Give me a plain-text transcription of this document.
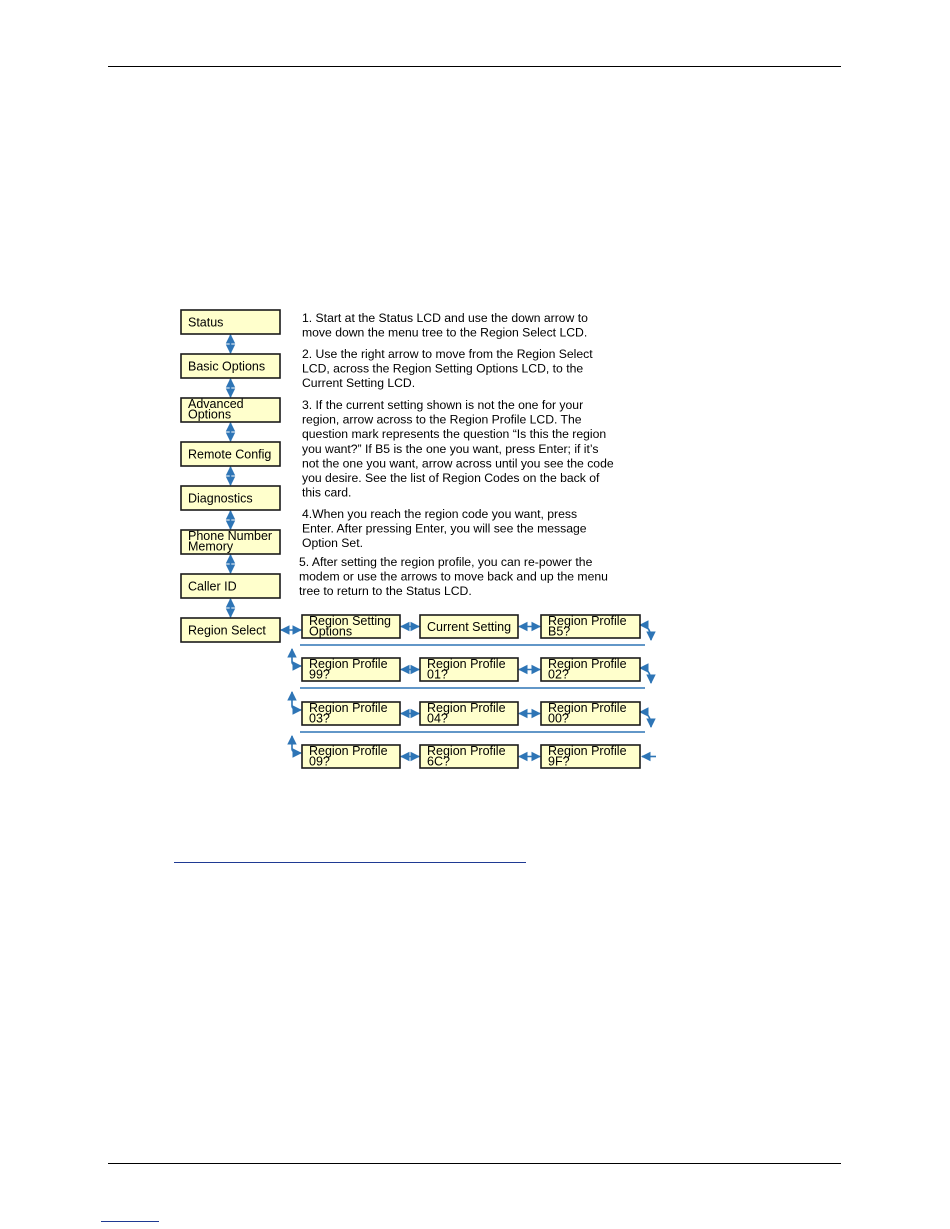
Status
Basic Options
Advanced
Options
Remote Config
Diagnostics
Phone Number
Memory
Caller ID
Region Select
Region Setting
Options	Current Setting	Region Profile
B5?
Region Profile
99?
Region Profile
01?
Region Profile
02?
Region Profile
03?
Region Profile
04?
Region Profile
00?
Region Profile
09?
Region Profile
6C?
Region Profile
9F?
1. Start at the Status LCD and use the down arrow to
move down the menu tree to the Region Select LCD.
2. Use the right arrow to move from the Region Select
LCD, across the Region Setting Options LCD, to the
Current Setting LCD.
3. If the current setting shown is not the one for your
region, arrow across to the Region Profile LCD. The
question mark represents the question “Is this the region
you want?” If B5 is the one you want, press Enter; if it’s
not the one you want, arrow across until you see the code
you desire. See the list of Region Codes on the back of
this card.
4.When you reach the region code you want, press
Enter. After pressing Enter, you will see the message
Option Set.
5. After setting the region profile, you can re-power the
modem or use the arrows to move back and up the menu
tree to return to the Status LCD.
